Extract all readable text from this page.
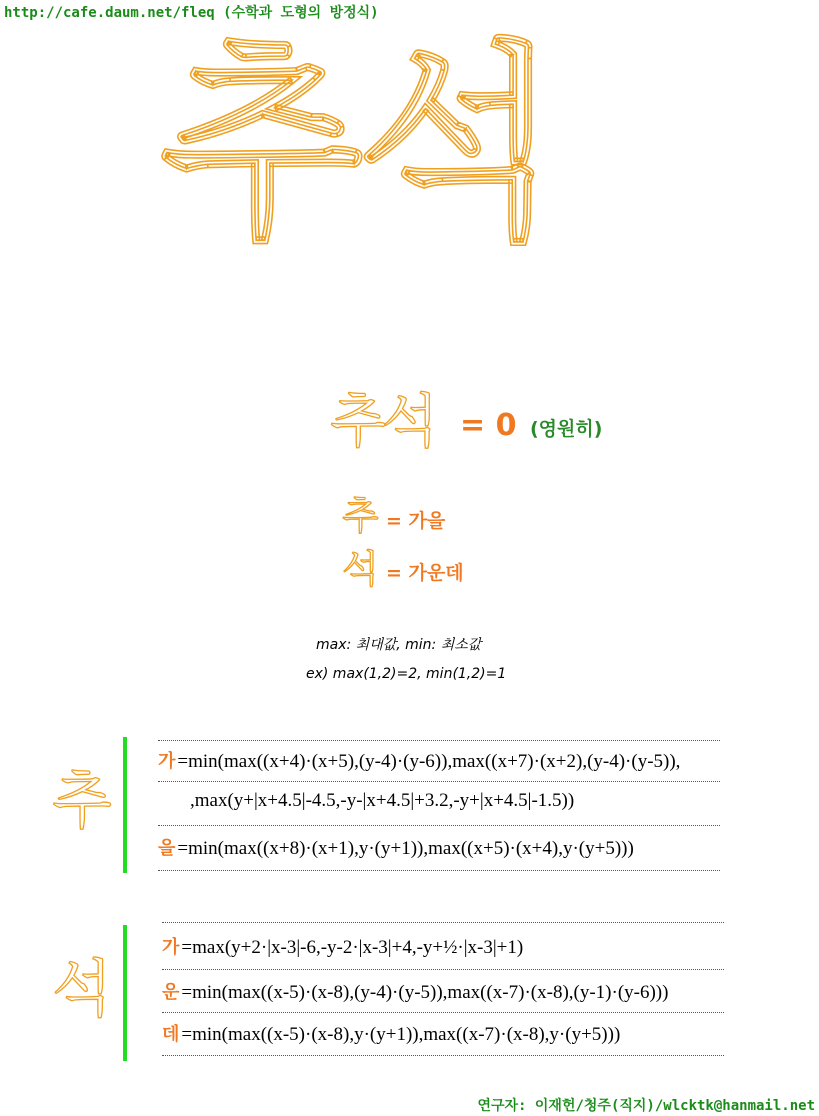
http://cafe.daum.net/fleq (수학과 도형의 방정식)
추석
추석 = 0 (영원히)
추 = 가을
석 = 가운데
max: 최대값, min: 최소값
ex) max(1,2)=2, min(1,2)=1
추
가 =min(max((x+4)·(x+5),(y-4)·(y-6)),max((x+7)·(x+2),(y-4)·(y-5)),
,max(y+|x+4.5|-4.5,-y-|x+4.5|+3.2,-y+|x+4.5|-1.5))
을 =min(max((x+8)·(x+1),y·(y+1)),max((x+5)·(x+4),y·(y+5)))
석
가 =max(y+2·|x-3|-6,-y-2·|x-3|+4,-y+½·|x-3|+1)
운 =min(max((x-5)·(x-8),(y-4)·(y-5)),max((x-7)·(x-8),(y-1)·(y-6)))
데 =min(max((x-5)·(x-8),y·(y+1)),max((x-7)·(x-8),y·(y+5)))
연구자: 이재헌/청주(직지)/wlcktk@hanmail.net
